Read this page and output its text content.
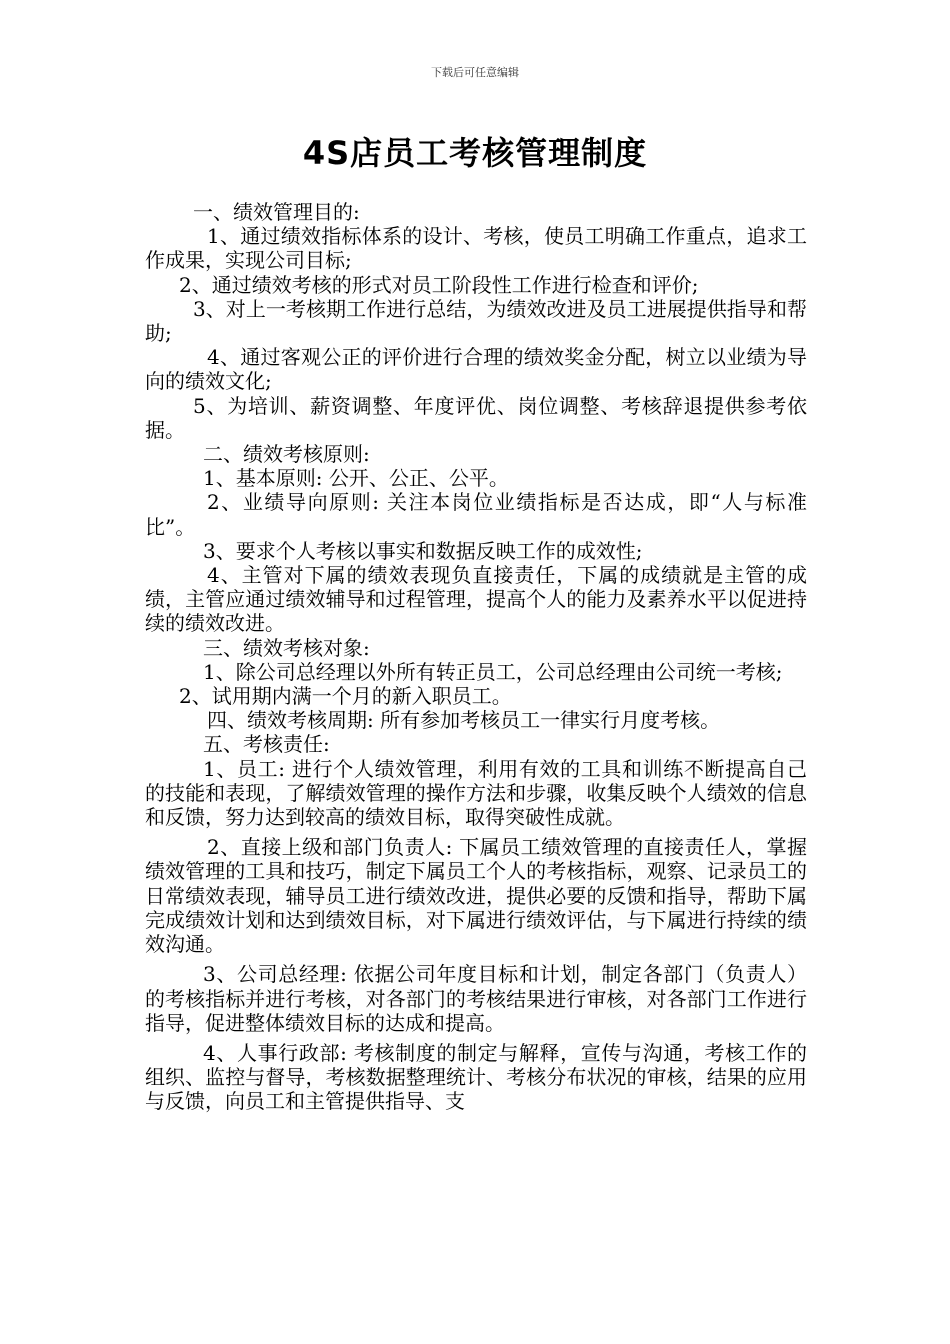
下载后可任意编辑
4S店员工考核管理制度

一、绩效管理目的:

1、通过绩效指标体系的设计、考核，使员工明确工作重点，追求工作成果，实现公司目标;

2、通过绩效考核的形式对员工阶段性工作进行检查和评价;

3、对上一考核期工作进行总结，为绩效改进及员工进展提供指导和帮助;

4、通过客观公正的评价进行合理的绩效奖金分配，树立以业绩为导向的绩效文化;

5、为培训、薪资调整、年度评优、岗位调整、考核辞退提供参考依据。

二、绩效考核原则:

1、基本原则: 公开、公正、公平。

2、业绩导向原则: 关注本岗位业绩指标是否达成，即“人与标准比”。

3、要求个人考核以事实和数据反映工作的成效性;

4、主管对下属的绩效表现负直接责任，下属的成绩就是主管的成绩，主管应通过绩效辅导和过程管理，提高个人的能力及素养水平以促进持续的绩效改进。

三、绩效考核对象:

1、除公司总经理以外所有转正员工，公司总经理由公司统一考核;

2、试用期内满一个月的新入职员工。

四、绩效考核周期: 所有参加考核员工一律实行月度考核。

五、考核责任:

1、员工: 进行个人绩效管理，利用有效的工具和训练不断提高自己的技能和表现，了解绩效管理的操作方法和步骤，收集反映个人绩效的信息和反馈，努力达到较高的绩效目标，取得突破性成就。

2、直接上级和部门负责人: 下属员工绩效管理的直接责任人，掌握绩效管理的工具和技巧，制定下属员工个人的考核指标，观察、记录员工的日常绩效表现，辅导员工进行绩效改进，提供必要的反馈和指导，帮助下属完成绩效计划和达到绩效目标，对下属进行绩效评估，与下属进行持续的绩效沟通。

3、公司总经理: 依据公司年度目标和计划，制定各部门（负责人）的考核指标并进行考核，对各部门的考核结果进行审核，对各部门工作进行指导，促进整体绩效目标的达成和提高。

4、人事行政部: 考核制度的制定与解释，宣传与沟通，考核工作的组织、监控与督导，考核数据整理统计、考核分布状况的审核，结果的应用与反馈，向员工和主管提供指导、支
